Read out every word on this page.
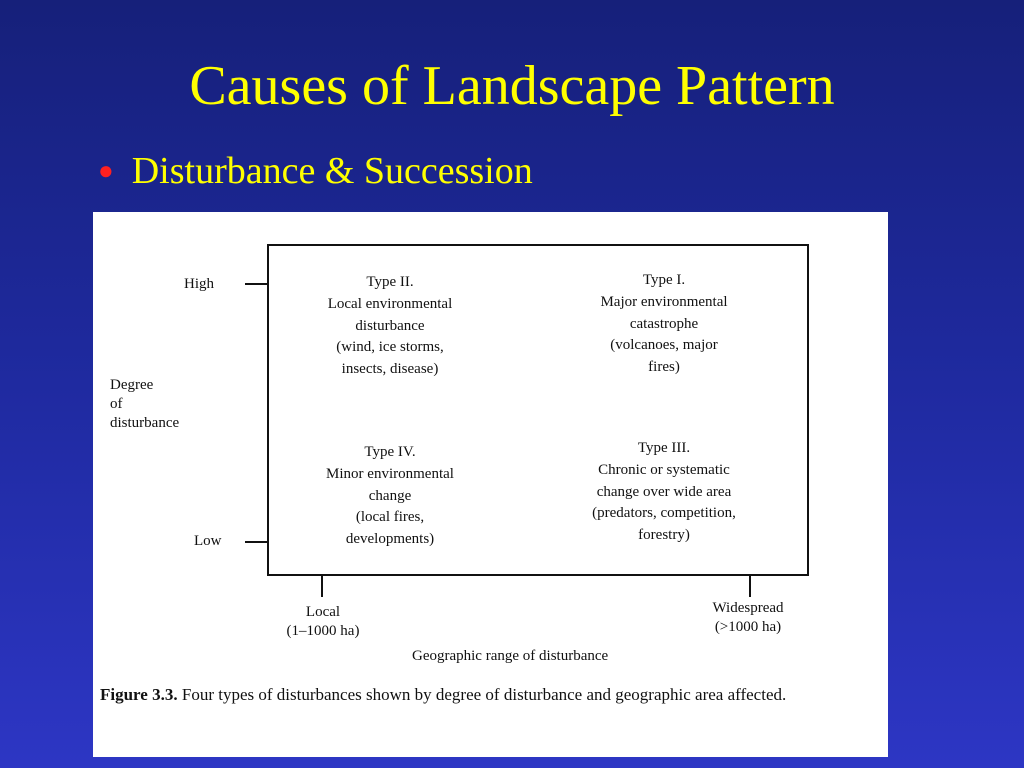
Causes of Landscape Pattern
● Disturbance & Succession
High
Low
Degree
of
disturbance
Type II.
Local environmental
disturbance
(wind, ice storms,
insects, disease)
Type I.
Major environmental
catastrophe
(volcanoes, major
fires)
Type IV.
Minor environmental
change
(local fires,
developments)
Type III.
Chronic or systematic
change over wide area
(predators, competition,
forestry)
Local
(1–1000 ha)
Widespread
(>1000 ha)
Geographic range of disturbance
Figure 3.3. Four types of disturbances shown by degree of disturbance and geographic area affected.
